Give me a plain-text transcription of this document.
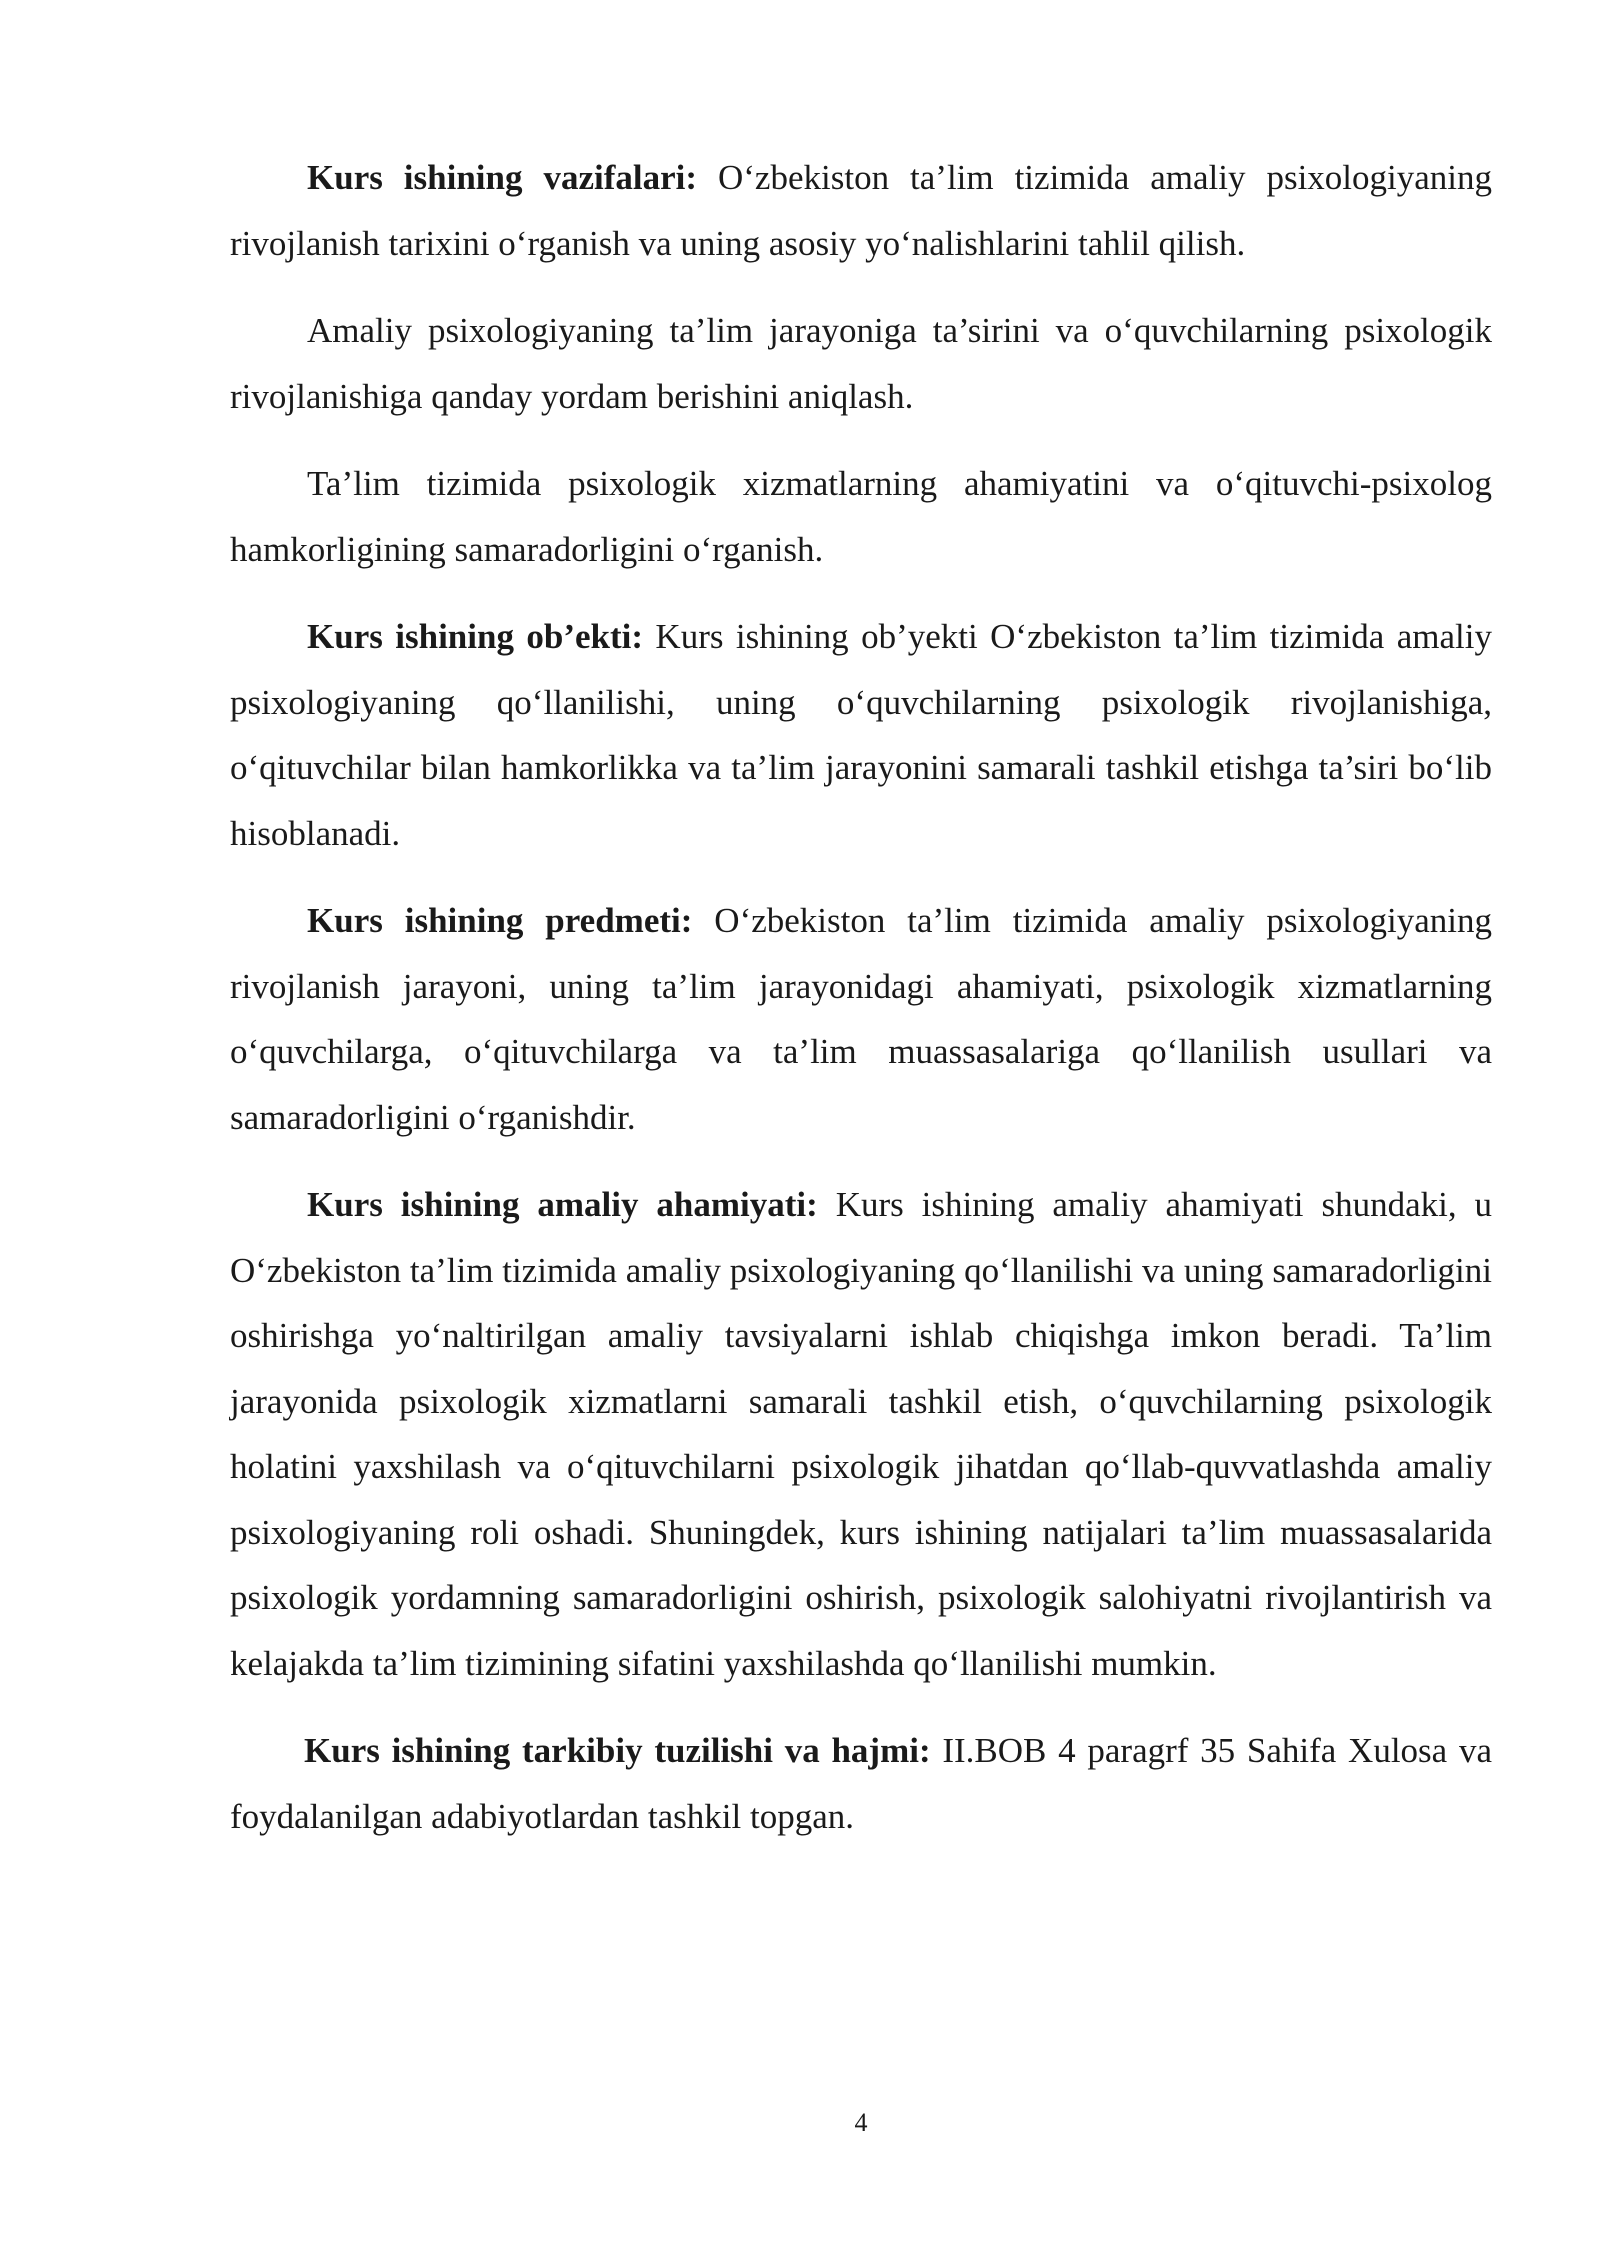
Kurs ishining vazifalari: O‘zbekiston ta’lim tizimida amaliy psixologiyaning rivojlanish tarixini o‘rganish va uning asosiy yo‘nalishlarini tahlil qilish.

Amaliy psixologiyaning ta’lim jarayoniga ta’sirini va o‘quvchilarning psixologik rivojlanishiga qanday yordam berishini aniqlash.

Ta’lim tizimida psixologik xizmatlarning ahamiyatini va o‘qituvchi-psixolog hamkorligining samaradorligini o‘rganish.

Kurs ishining ob’ekti: Kurs ishining ob’yekti O‘zbekiston ta’lim tizimida amaliy psixologiyaning qo‘llanilishi, uning o‘quvchilarning psixologik rivojlanishiga, o‘qituvchilar bilan hamkorlikka va ta’lim jarayonini samarali tashkil etishga ta’siri bo‘lib hisoblanadi.

Kurs ishining predmeti: O‘zbekiston ta’lim tizimida amaliy psixologiyaning rivojlanish jarayoni, uning ta’lim jarayonidagi ahamiyati, psixologik xizmatlarning o‘quvchilarga, o‘qituvchilarga va ta’lim muassasalariga qo‘llanilish usullari va samaradorligini o‘rganishdir.

Kurs ishining amaliy ahamiyati: Kurs ishining amaliy ahamiyati shundaki, u O‘zbekiston ta’lim tizimida amaliy psixologiyaning qo‘llanilishi va uning samaradorligini oshirishga yo‘naltirilgan amaliy tavsiyalarni ishlab chiqishga imkon beradi. Ta’lim jarayonida psixologik xizmatlarni samarali tashkil etish, o‘quvchilarning psixologik holatini yaxshilash va o‘qituvchilarni psixologik jihatdan qo‘llab-quvvatlashda amaliy psixologiyaning roli oshadi. Shuningdek, kurs ishining natijalari ta’lim muassasalarida psixologik yordamning samaradorligini oshirish, psixologik salohiyatni rivojlantirish va kelajakda ta’lim tizimining sifatini yaxshilashda qo‘llanilishi mumkin.

Kurs ishining tarkibiy tuzilishi va hajmi: II.BOB 4 paragrf 35 Sahifa Xulosa va foydalanilgan adabiyotlardan tashkil topgan.

4
